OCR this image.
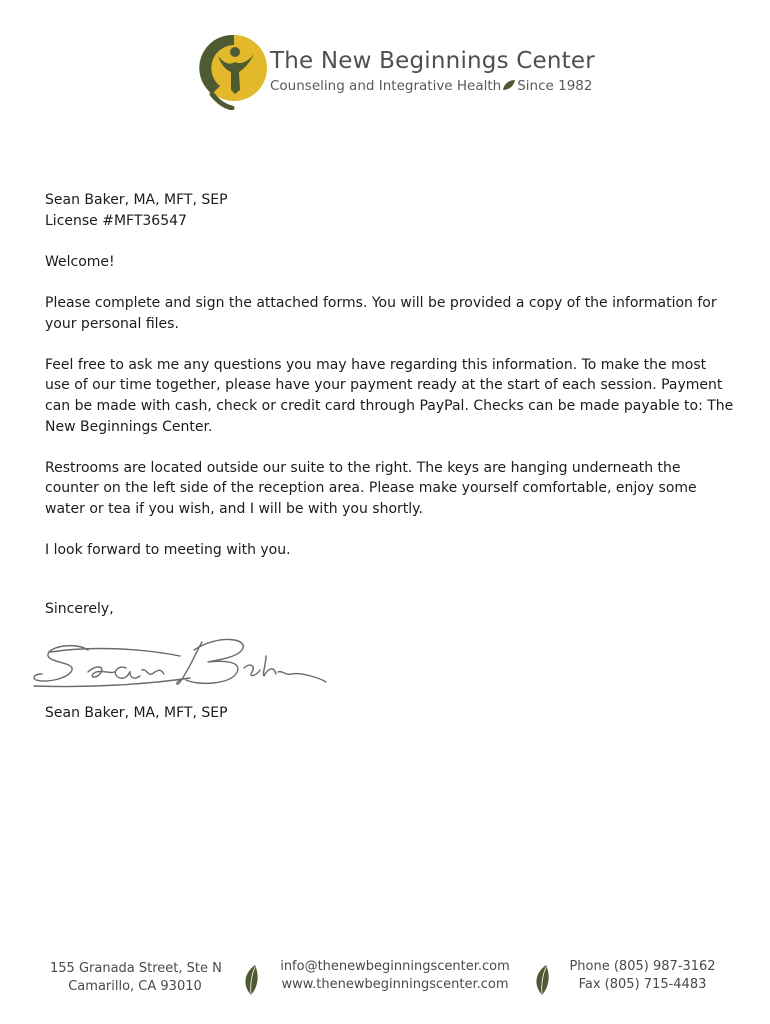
The New Beginnings Center
Counseling and Integrative Health Since 1982

Sean Baker, MA, MFT, SEP

License #MFT36547

Welcome!

Please complete and sign the attached forms. You will be provided a copy of the information for your personal files.

Feel free to ask me any questions you may have regarding this information. To make the most use of our time together, please have your payment ready at the start of each session. Payment can be made with cash, check or credit card through PayPal. Checks can be made payable to: The New Beginnings Center.

Restrooms are located outside our suite to the right. The keys are hanging underneath the counter on the left side of the reception area. Please make yourself comfortable, enjoy some water or tea if you wish, and I will be with you shortly.

I look forward to meeting with you.

Sincerely,

Sean Baker, MA, MFT, SEP
155 Granada Street, Ste N
Camarillo, CA 93010
info@thenewbeginningscenter.com
www.thenewbeginningscenter.com
Phone (805) 987-3162
Fax (805) 715-4483
